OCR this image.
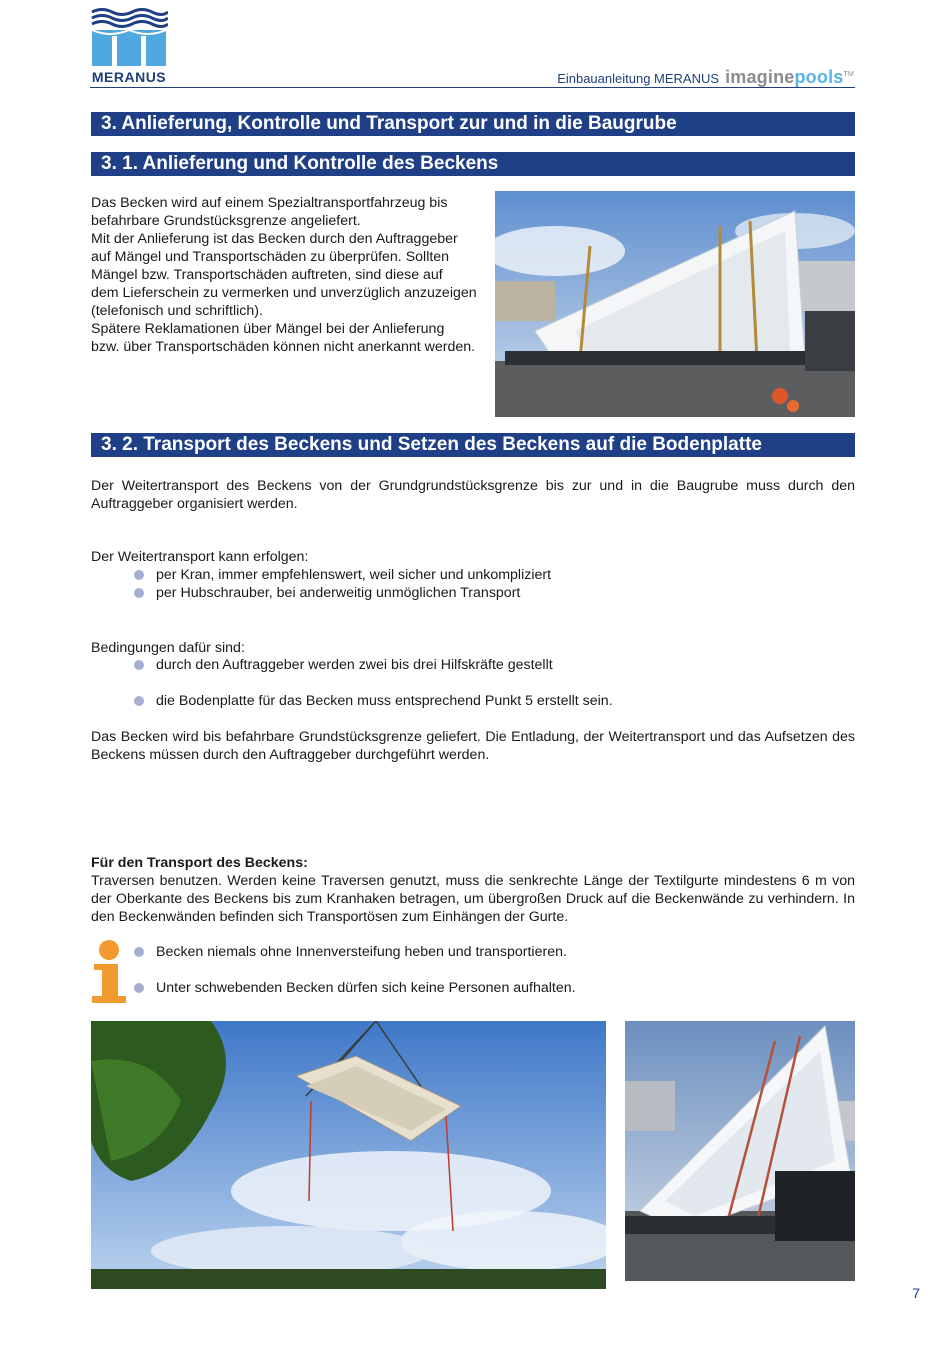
MERANUS	Einbauanleitung MERANUS imaginepools™
3. Anlieferung, Kontrolle und Transport zur und in die Baugrube
3. 1. Anlieferung und Kontrolle des Beckens
Das Becken wird auf einem Spezialtransportfahrzeug bis
befahrbare Grundstücksgrenze angeliefert.
Mit der Anlieferung ist das Becken durch den Auftraggeber
auf Mängel und Transportschäden zu überprüfen. Sollten
Mängel bzw. Transportschäden auftreten, sind diese auf
dem Lieferschein zu vermerken und unverzüglich anzuzeigen
(telefonisch und schriftlich).
Spätere Reklamationen über Mängel bei der Anlieferung
bzw. über Transportschäden können nicht anerkannt werden.
3. 2. Transport des Beckens und Setzen des Beckens auf die Bodenplatte
Der Weitertransport des Beckens von der Grundgrundstücksgrenze bis zur und in die Baugrube muss durch den Auftraggeber organisiert werden.
Der Weitertransport kann erfolgen:
per Kran, immer empfehlenswert, weil sicher und unkompliziert
per Hubschrauber, bei anderweitig unmöglichen Transport
Bedingungen dafür sind:
durch den Auftraggeber werden zwei bis drei Hilfskräfte gestellt
die Bodenplatte für das Becken muss entsprechend Punkt 5 erstellt sein.
Das Becken wird bis befahrbare Grundstücksgrenze geliefert. Die Entladung, der Weitertransport und das Aufsetzen des Beckens müssen durch den Auftraggeber durchgeführt werden.
Für den Transport des Beckens:
Traversen benutzen. Werden keine Traversen genutzt, muss die senkrechte Länge der Textilgurte mindestens 6 m von der Oberkante des Beckens bis zum Kranhaken betragen, um übergroßen Druck auf die Beckenwände zu verhindern. In den Beckenwänden befinden sich Transportösen zum Einhängen der Gurte.
Becken niemals ohne Innenversteifung heben und transportieren.
Unter schwebenden Becken dürfen sich keine Personen aufhalten.
7
